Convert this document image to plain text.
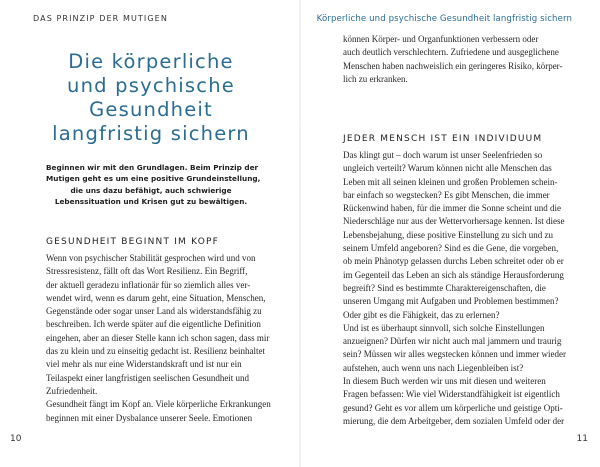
DAS PRINZIP DER MUTIGEN
Die körperliche
und psychische
Gesundheit
langfristig sichern
Beginnen wir mit den Grundlagen. Beim Prinzip der
Mutigen geht es um eine positive Grundeinstellung,
die uns dazu befähigt, auch schwierige
Lebenssituation und Krisen gut zu bewältigen.
GESUNDHEIT BEGINNT IM KOPF
Wenn von psychischer Stabilität gesprochen wird und von
Stressresistenz, fällt oft das Wort Resilienz. Ein Begriff,
der aktuell geradezu inflationär für so ziemlich alles ver-
wendet wird, wenn es darum geht, eine Situation, Menschen,
Gegenstände oder sogar unser Land als widerstandsfähig zu
beschreiben. Ich werde später auf die eigentliche Definition
eingehen, aber an dieser Stelle kann ich schon sagen, dass mir
das zu klein und zu einseitig gedacht ist. Resilienz beinhaltet
viel mehr als nur eine Widerstandskraft und ist nur ein
Teilaspekt einer langfristigen seelischen Gesundheit und
Zufriedenheit.
Gesundheit fängt im Kopf an. Viele körperliche Erkrankungen
beginnen mit einer Dysbalance unserer Seele. Emotionen
10
Körperliche und psychische Gesundheit langfristig sichern
können Körper- und Organfunktionen verbessern oder
auch deutlich verschlechtern. Zufriedene und ausgeglichene
Menschen haben nachweislich ein geringeres Risiko, körper-
lich zu erkranken.
JEDER MENSCH IST EIN INDIVIDUUM
Das klingt gut – doch warum ist unser Seelenfrieden so
ungleich verteilt? Warum können nicht alle Menschen das
Leben mit all seinen kleinen und großen Problemen schein-
bar einfach so wegstecken? Es gibt Menschen, die immer
Rückenwind haben, für die immer die Sonne scheint und die
Niederschläge nur aus der Wettervorhersage kennen. Ist diese
Lebensbejahung, diese positive Einstellung zu sich und zu
seinem Umfeld angeboren? Sind es die Gene, die vorgeben,
ob mein Phänotyp gelassen durchs Leben schreitet oder ob er
im Gegenteil das Leben an sich als ständige Herausforderung
begreift? Sind es bestimmte Charaktereigenschaften, die
unseren Umgang mit Aufgaben und Problemen bestimmen?
Oder gibt es die Fähigkeit, das zu erlernen?
Und ist es überhaupt sinnvoll, sich solche Einstellungen
anzueignen? Dürfen wir nicht auch mal jammern und traurig
sein? Müssen wir alles wegstecken können und immer wieder
aufstehen, auch wenn uns nach Liegenbleiben ist?
In diesem Buch werden wir uns mit diesen und weiteren
Fragen befassen: Wie viel Widerstandfähigkeit ist eigentlich
gesund? Geht es vor allem um körperliche und geistige Opti-
mierung, die dem Arbeitgeber, dem sozialen Umfeld oder der
11
